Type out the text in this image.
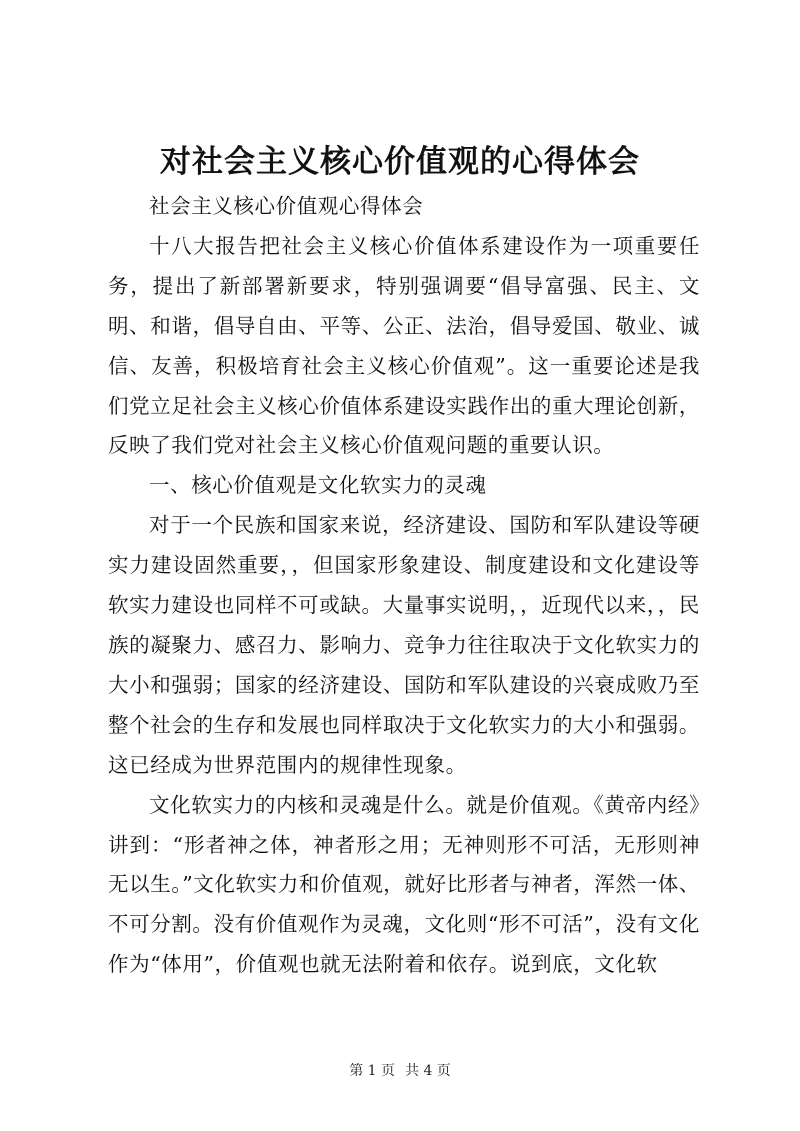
对社会主义核心价值观的心得体会

社会主义核心价值观心得体会

十八大报告把社会主义核心价值体系建设作为一项重要任务，提出了新部署新要求，特别强调要“倡导富强、民主、文明、和谐，倡导自由、平等、公正、法治，倡导爱国、敬业、诚信、友善，积极培育社会主义核心价值观”。这一重要论述是我们党立足社会主义核心价值体系建设实践作出的重大理论创新，反映了我们党对社会主义核心价值观问题的重要认识。

一、核心价值观是文化软实力的灵魂

对于一个民族和国家来说，经济建设、国防和军队建设等硬实力建设固然重要，，但国家形象建设、制度建设和文化建设等软实力建设也同样不可或缺。大量事实说明，，近现代以来，，民族的凝聚力、感召力、影响力、竞争力往往取决于文化软实力的大小和强弱；国家的经济建设、国防和军队建设的兴衰成败乃至整个社会的生存和发展也同样取决于文化软实力的大小和强弱。这已经成为世界范围内的规律性现象。

文化软实力的内核和灵魂是什么。就是价值观。《黄帝内经》讲到：“形者神之体，神者形之用；无神则形不可活，无形则神无以生。”文化软实力和价值观，就好比形者与神者，浑然一体、不可分割。没有价值观作为灵魂，文化则“形不可活”，没有文化作为“体用”，价值观也就无法附着和依存。说到底，文化软

第 1 页 共 4 页
